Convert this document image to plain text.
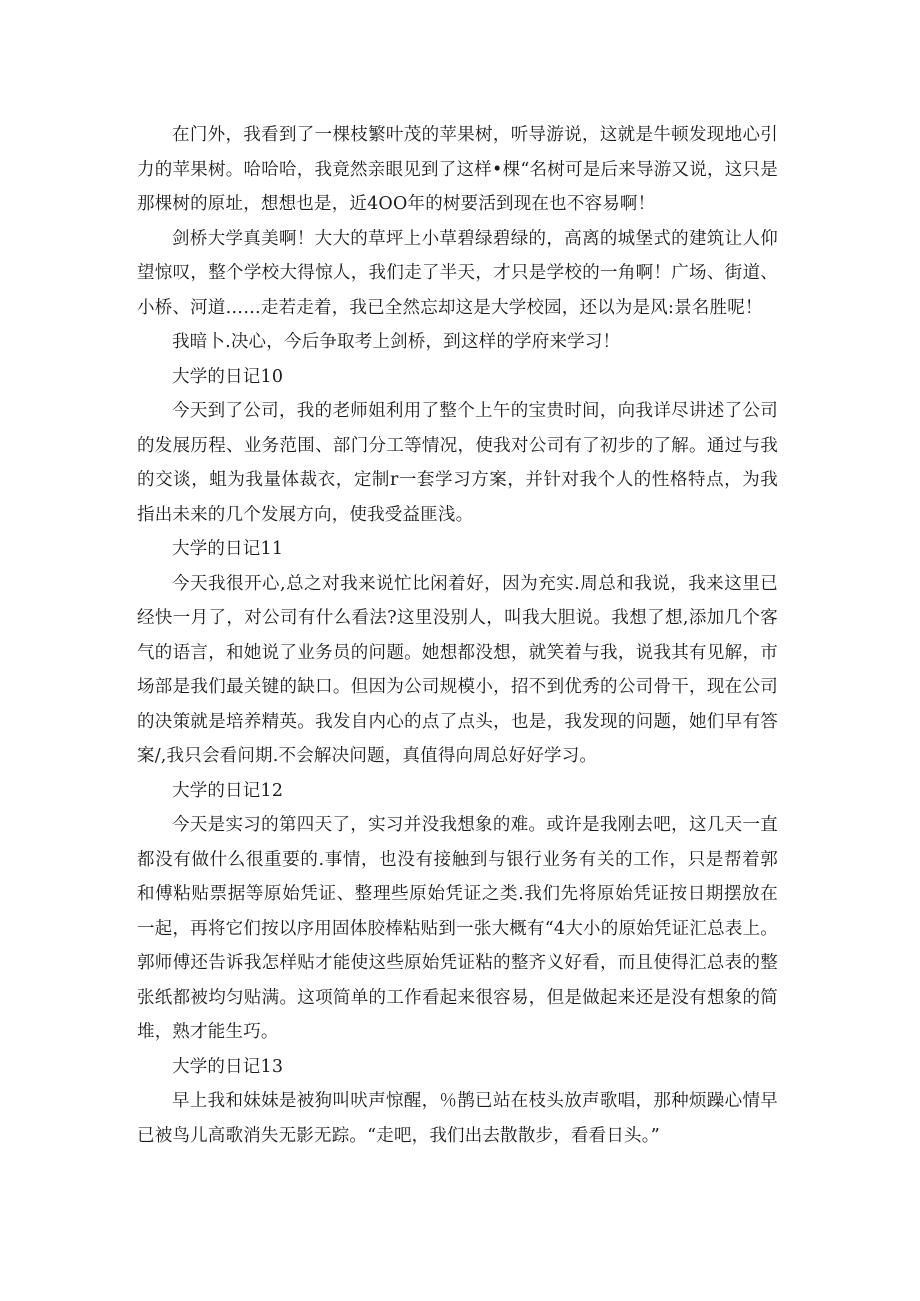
在门外，我看到了一棵枝繁叶茂的苹果树，听导游说，这就是牛顿发现地心引力的苹果树。哈哈哈，我竟然亲眼见到了这样•棵“名树可是后来导游又说，这只是那棵树的原址，想想也是，近4OO年的树要活到现在也不容易啊！

剑桥大学真美啊！大大的草坪上小草碧绿碧绿的，高离的城堡式的建筑让人仰望惊叹，整个学校大得惊人，我们走了半天，才只是学校的一角啊！广场、街道、小桥、河道……走若走着，我已全然忘却这是大学校园，还以为是风:景名胜呢！

我暗卜.决心，今后争取考上剑桥，到这样的学府来学习！

大学的日记10

今天到了公司，我的老师姐利用了整个上午的宝贵时间，向我详尽讲述了公司的发展历程、业务范围、部门分工等情况，使我对公司有了初步的了解。通过与我的交谈，蛆为我量体裁衣，定制r一套学习方案，并针对我个人的性格特点，为我指出未来的几个发展方向，使我受益匪浅。

大学的日记11

今天我很开心,总之对我来说忙比闲着好，因为充实.周总和我说，我来这里已经快一月了，对公司有什么看法?这里没别人，叫我大胆说。我想了想,添加几个客气的语言，和她说了业务员的问题。她想都没想，就笑着与我，说我其有见解，市场部是我们最关键的缺口。但因为公司规模小，招不到优秀的公司骨干，现在公司的决策就是培养精英。我发自内心的点了点头，也是，我发现的问题，她们早有答案/,我只会看问期.不会解决问题，真值得向周总好好学习。

大学的日记12

今天是实习的第四天了，实习并没我想象的难。或许是我刚去吧，这几天一直都没有做什么很重要的.事情，也没有接触到与银行业务有关的工作，只是帮着郭和傅粘贴票据等原始凭证、整理些原始凭证之类.我们先将原始凭证按日期摆放在一起，再将它们按以序用固体胶棒粘贴到一张大概有“4大小的原始凭证汇总表上。郭师傅还告诉我怎样贴才能使这些原始凭证粘的整齐义好看，而且使得汇总表的整张纸都被均匀贴满。这项简单的工作看起来很容易，但是做起来还是没有想象的简堆，熟才能生巧。

大学的日记13

早上我和妹妹是被狗叫吠声惊醒，％鹊已站在枝头放声歌唱，那种烦躁心情早已被鸟儿高歌消失无影无踪。“走吧，我们出去散散步，看看日头。”
